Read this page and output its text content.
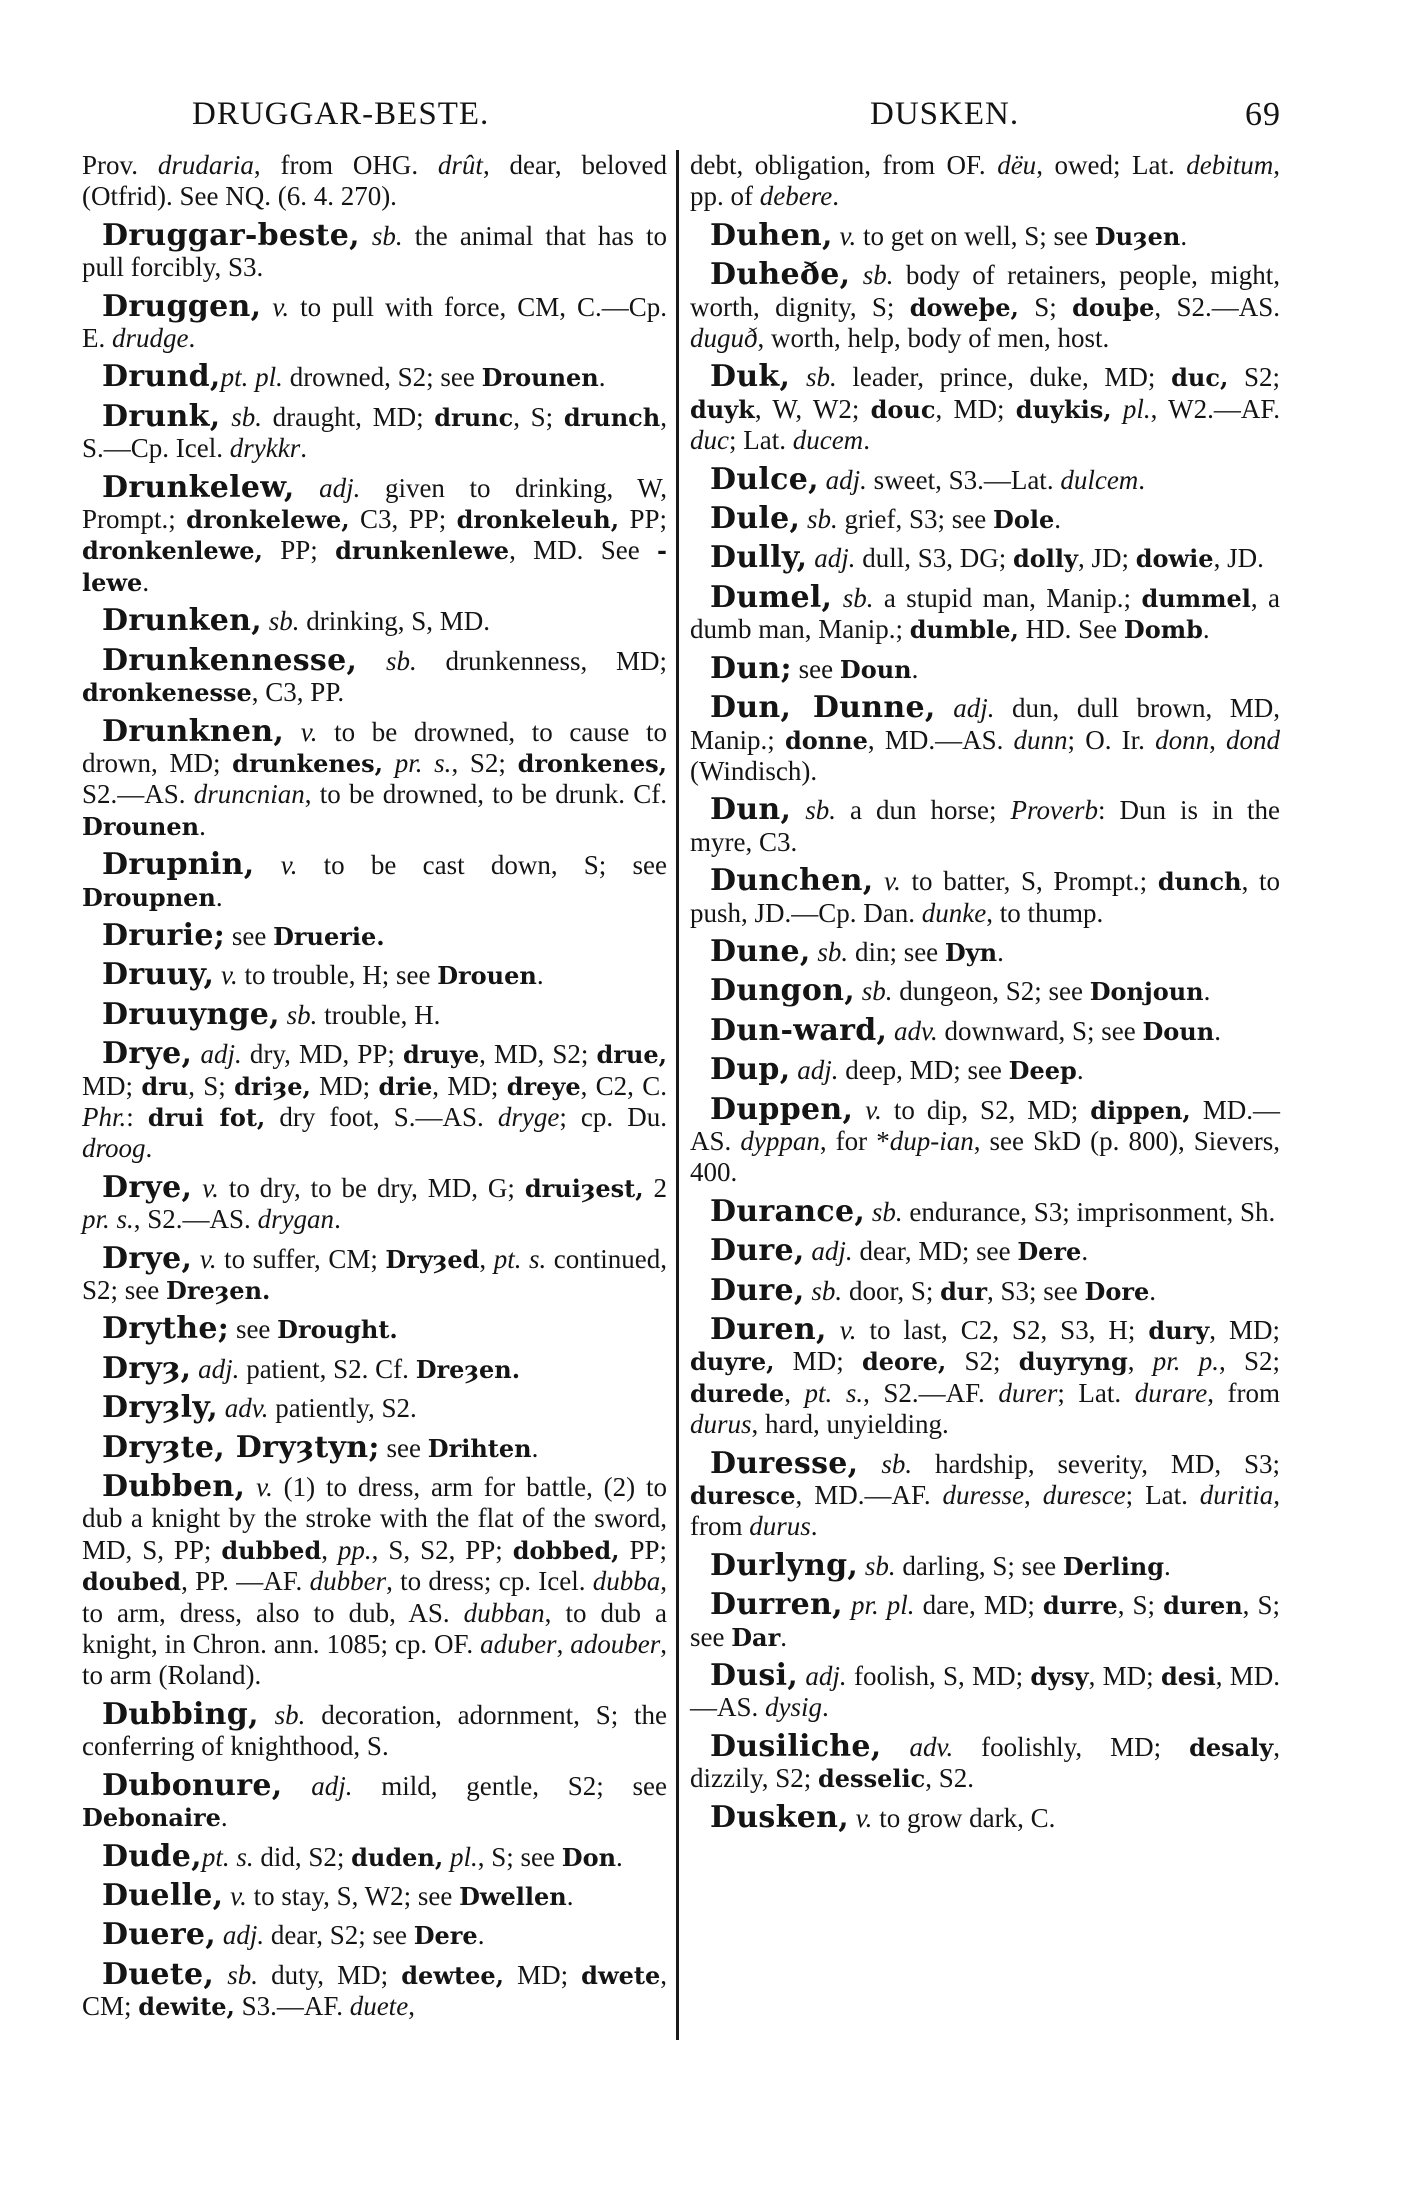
DRUGGAR-BESTE.	DUSKEN.	69

Prov. drudaria, from OHG. drût, dear, beloved (Otfrid). See NQ. (6. 4. 270).

Druggar-beste, sb. the animal that has to pull forcibly, S3.

Druggen, v. to pull with force, CM, C.—Cp. E. drudge.

Drund,pt. pl. drowned, S2; see Drounen.

Drunk, sb. draught, MD; drunc, S; drunch, S.—Cp. Icel. drykkr.

Drunkelew, adj. given to drinking, W, Prompt.; dronkelewe, C3, PP; dronkeleuh, PP; dronkenlewe, PP; drunkenlewe, MD. See -lewe.

Drunken, sb. drinking, S, MD.

Drunkennesse, sb. drunkenness, MD; dronkenesse, C3, PP.

Drunknen, v. to be drowned, to cause to drown, MD; drunkenes, pr. s., S2; dronkenes, S2.—AS. druncnian, to be drowned, to be drunk. Cf. Drounen.

Drupnin, v. to be cast down, S; see Droupnen.

Drurie; see Druerie.

Druuy, v. to trouble, H; see Drouen.

Druuynge, sb. trouble, H.

Drye, adj. dry, MD, PP; druye, MD, S2; drue, MD; dru, S; driȝe, MD; drie, MD; dreye, C2, C. Phr.: drui fot, dry foot, S.—AS. dryge; cp. Du. droog.

Drye, v. to dry, to be dry, MD, G; druiȝest, 2 pr. s., S2.—AS. drygan.

Drye, v. to suffer, CM; Dryȝed, pt. s. continued, S2; see Dreȝen.

Drythe; see Drought.

Dryȝ, adj. patient, S2. Cf. Dreȝen.

Dryȝly, adv. patiently, S2.

Dryȝte, Dryȝtyn; see Drihten.

Dubben, v. (1) to dress, arm for battle, (2) to dub a knight by the stroke with the flat of the sword, MD, S, PP; dubbed, pp., S, S2, PP; dobbed, PP; doubed, PP. —AF. dubber, to dress; cp. Icel. dubba, to arm, dress, also to dub, AS. dubban, to dub a knight, in Chron. ann. 1085; cp. OF. aduber, adouber, to arm (Roland).

Dubbing, sb. decoration, adornment, S; the conferring of knighthood, S.

Dubonure, adj. mild, gentle, S2; see Debonaire.

Dude,pt. s. did, S2; duden, pl., S; see Don.

Duelle, v. to stay, S, W2; see Dwellen.

Duere, adj. dear, S2; see Dere.

Duete, sb. duty, MD; dewtee, MD; dwete, CM; dewite, S3.—AF. duete,

debt, obligation, from OF. dëu, owed; Lat. debitum, pp. of debere.

Duhen, v. to get on well, S; see Duȝen.

Duheðe, sb. body of retainers, people, might, worth, dignity, S; doweþe, S; douþe, S2.—AS. duguð, worth, help, body of men, host.

Duk, sb. leader, prince, duke, MD; duc, S2; duyk, W, W2; douc, MD; duykis, pl., W2.—AF. duc; Lat. ducem.

Dulce, adj. sweet, S3.—Lat. dulcem.

Dule, sb. grief, S3; see Dole.

Dully, adj. dull, S3, DG; dolly, JD; dowie, JD.

Dumel, sb. a stupid man, Manip.; dummel, a dumb man, Manip.; dumble, HD. See Domb.

Dun; see Doun.

Dun, Dunne, adj. dun, dull brown, MD, Manip.; donne, MD.—AS. dunn; O. Ir. donn, dond (Windisch).

Dun, sb. a dun horse; Proverb: Dun is in the myre, C3.

Dunchen, v. to batter, S, Prompt.; dunch, to push, JD.—Cp. Dan. dunke, to thump.

Dune, sb. din; see Dyn.

Dungon, sb. dungeon, S2; see Donjoun.

Dun-ward, adv. downward, S; see Doun.

Dup, adj. deep, MD; see Deep.

Duppen, v. to dip, S2, MD; dippen, MD.—AS. dyppan, for *dup-ian, see SkD (p. 800), Sievers, 400.

Durance, sb. endurance, S3; imprisonment, Sh.

Dure, adj. dear, MD; see Dere.

Dure, sb. door, S; dur, S3; see Dore.

Duren, v. to last, C2, S2, S3, H; dury, MD; duyre, MD; deore, S2; duyryng, pr. p., S2; durede, pt. s., S2.—AF. durer; Lat. durare, from durus, hard, unyielding.

Duresse, sb. hardship, severity, MD, S3; duresce, MD.—AF. duresse, durescе; Lat. duritia, from durus.

Durlyng, sb. darling, S; see Derling.

Durren, pr. pl. dare, MD; durre, S; duren, S; see Dar.

Dusi, adj. foolish, S, MD; dysy, MD; desi, MD.—AS. dysig.

Dusiliche, adv. foolishly, MD; desaly, dizzily, S2; desselic, S2.

Dusken, v. to grow dark, C.
